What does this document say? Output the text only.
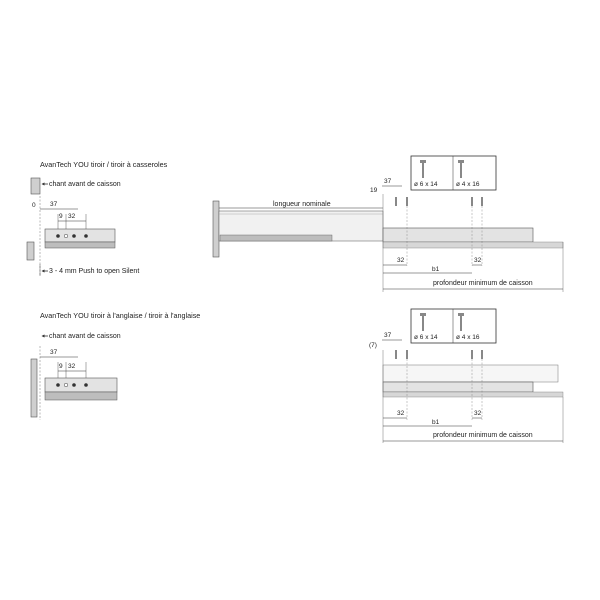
AvanTech YOU tiroir / tiroir à casseroles
chant avant de caisson
0 37
9 32
3 - 4 mm Push to open Silent
ø 6 x 14	ø 4 x 16
37
19
longueur nominale
32	32
b1
profondeur minimum de caisson
AvanTech YOU tiroir à l'anglaise / tiroir à l'anglaise
chant avant de caisson
37
9 32
ø 6 x 14	ø 4 x 16
37
(7)
32	32
b1
profondeur minimum de caisson
